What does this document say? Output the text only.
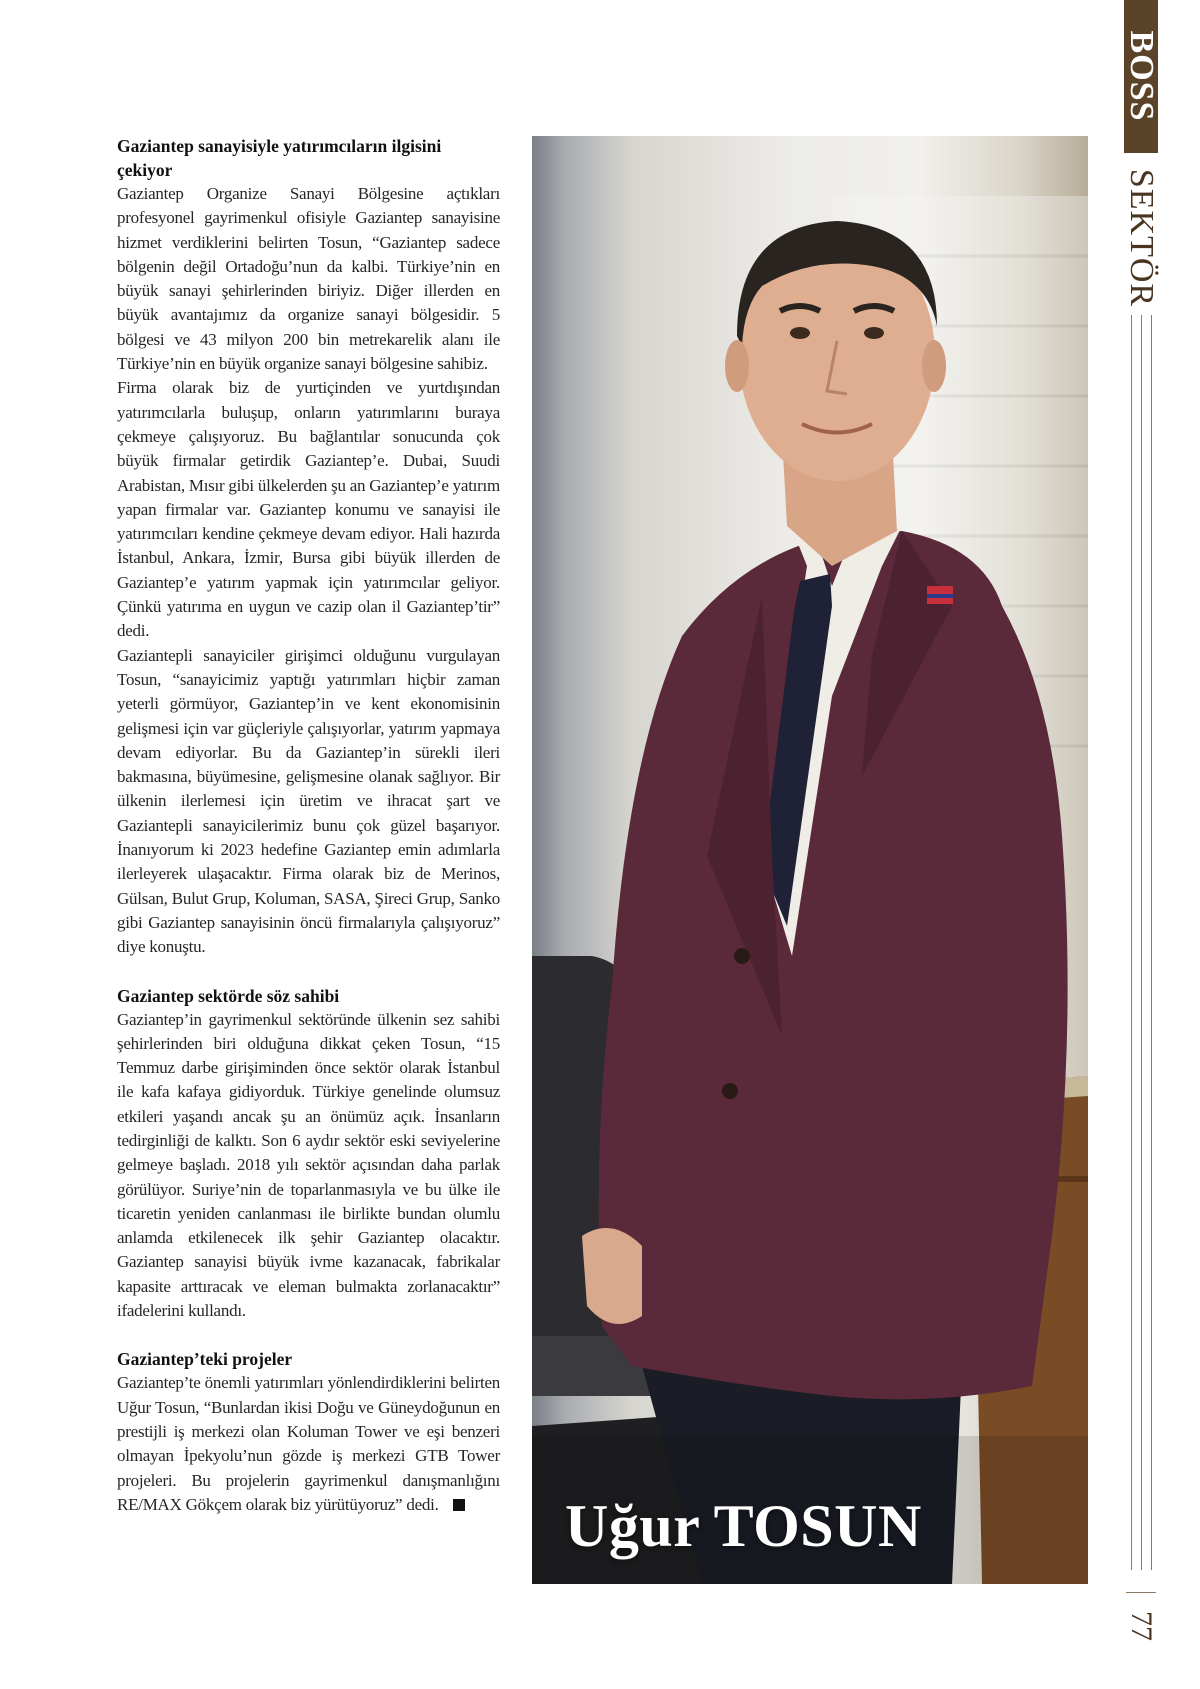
Gaziantep sanayisiyle yatırımcıların ilgisini çekiyor

Gaziantep Organize Sanayi Bölgesine açtıkları profesyonel gayrimenkul ofisiyle Gaziantep sanayisine hizmet verdiklerini belirten Tosun, “Gaziantep sadece bölgenin değil Ortadoğu’nun da kalbi. Türkiye’nin en büyük sanayi şehirlerinden biriyiz. Diğer illerden en büyük avantajımız da organize sanayi bölgesidir. 5 bölgesi ve 43 milyon 200 bin metrekarelik alanı ile Türkiye’nin en büyük organize sanayi bölgesine sahibiz.

Firma olarak biz de yurtiçinden ve yurtdışından yatırımcılarla buluşup, onların yatırımlarını buraya çekmeye çalışıyoruz. Bu bağlantılar sonucunda çok büyük firmalar getirdik Gaziantep’e. Dubai, Suudi Arabistan, Mısır gibi ülkelerden şu an Gaziantep’e yatırım yapan firmalar var. Gaziantep konumu ve sanayisi ile yatırımcıları kendine çekmeye devam ediyor. Hali hazırda İstanbul, Ankara, İzmir, Bursa gibi büyük illerden de Gaziantep’e yatırım yapmak için yatırımcılar geliyor. Çünkü yatırıma en uygun ve cazip olan il Gaziantep’tir” dedi.

Gaziantepli sanayiciler girişimci olduğunu vurgulayan Tosun, “sanayicimiz yaptığı yatırımları hiçbir zaman yeterli görmüyor, Gaziantep’in ve kent ekonomisinin gelişmesi için var güçleriyle çalışıyorlar, yatırım yapmaya devam ediyorlar. Bu da Gaziantep’in sürekli ileri bakmasına, büyümesine, gelişmesine olanak sağlıyor. Bir ülkenin ilerlemesi için üretim ve ihracat şart ve Gaziantepli sanayicilerimiz bunu çok güzel başarıyor. İnanıyorum ki 2023 hedefine Gaziantep emin adımlarla ilerleyerek ulaşacaktır. Firma olarak biz de Merinos, Gülsan, Bulut Grup, Koluman, SASA, Şireci Grup, Sanko gibi Gaziantep sanayisinin öncü firmalarıyla çalışıyoruz” diye konuştu.

Gaziantep sektörde söz sahibi

Gaziantep’in gayrimenkul sektöründe ülkenin sez sahibi şehirlerinden biri olduğuna dikkat çeken Tosun, “15 Temmuz darbe girişiminden önce sektör olarak İstanbul ile kafa kafaya gidiyorduk. Türkiye genelinde olumsuz etkileri yaşandı ancak şu an önümüz açık. İnsanların tedirginliği de kalktı. Son 6 aydır sektör eski seviyelerine gelmeye başladı. 2018 yılı sektör açısından daha parlak görülüyor. Suriye’nin de toparlanmasıyla ve bu ülke ile ticaretin yeniden canlanması ile birlikte bundan olumlu anlamda etkilenecek ilk şehir Gaziantep olacaktır. Gaziantep sanayisi büyük ivme kazanacak, fabrikalar kapasite arttıracak ve eleman bulmakta zorlanacaktır” ifadelerini kullandı.

Gaziantep’teki projeler

Gaziantep’te önemli yatırımları yönlendirdiklerini belirten Uğur Tosun, “Bunlardan ikisi Doğu ve Güneydoğunun en prestijli iş merkezi olan Koluman Tower ve eşi benzeri olmayan İpekyolu’nun gözde iş merkezi GTB Tower projeleri. Bu projelerin gayrimenkul danışmanlığını RE/MAX Gökçem olarak biz yürütüyoruz” dedi.	Uğur TOSUN
BOSS
SEKTÖR
77
